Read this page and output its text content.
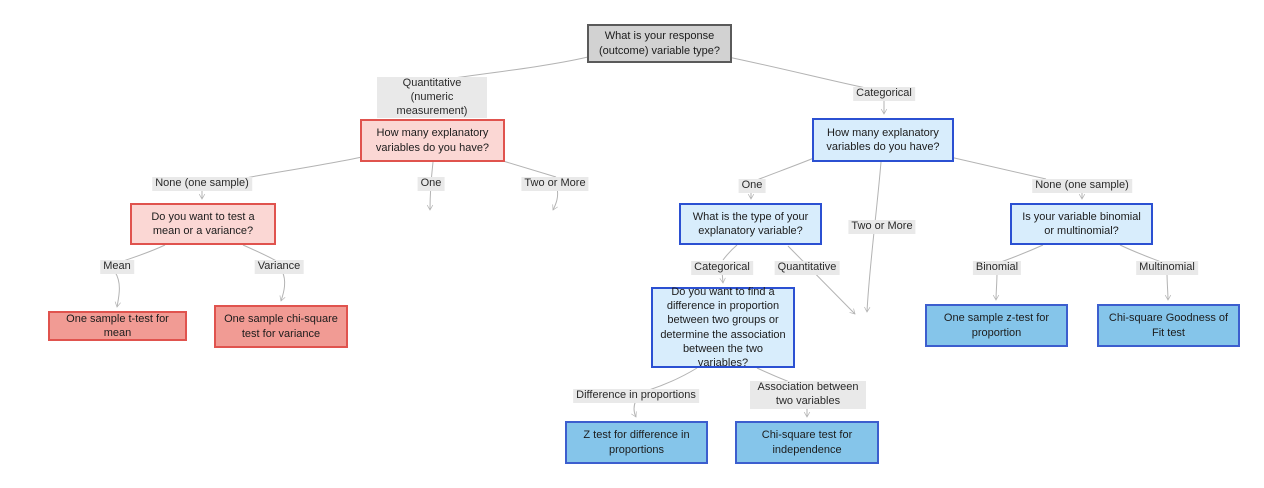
What is your response (outcome) variable type?
How many explanatory variables do you have?
Do you want to test a mean or a variance?
One sample t-test for mean
One sample chi-square test for variance
How many explanatory variables do you have?
What is the type of your explanatory variable?
Do you want to find a difference in proportion between two groups or determine the association between the two variables?
Is your variable binomial or multinomial?
One sample z-test for proportion
Chi-square Goodness of Fit test
Z test for difference in proportions
Chi-square test for independence
Quantitative
(numeric measurement)
Categorical
None (one sample)	One	Two or More
Mean	Variance
One
Two or More
None (one sample)
Categorical	Quantitative	Binomial	Multinomial
Difference in proportions
Association between two variables
